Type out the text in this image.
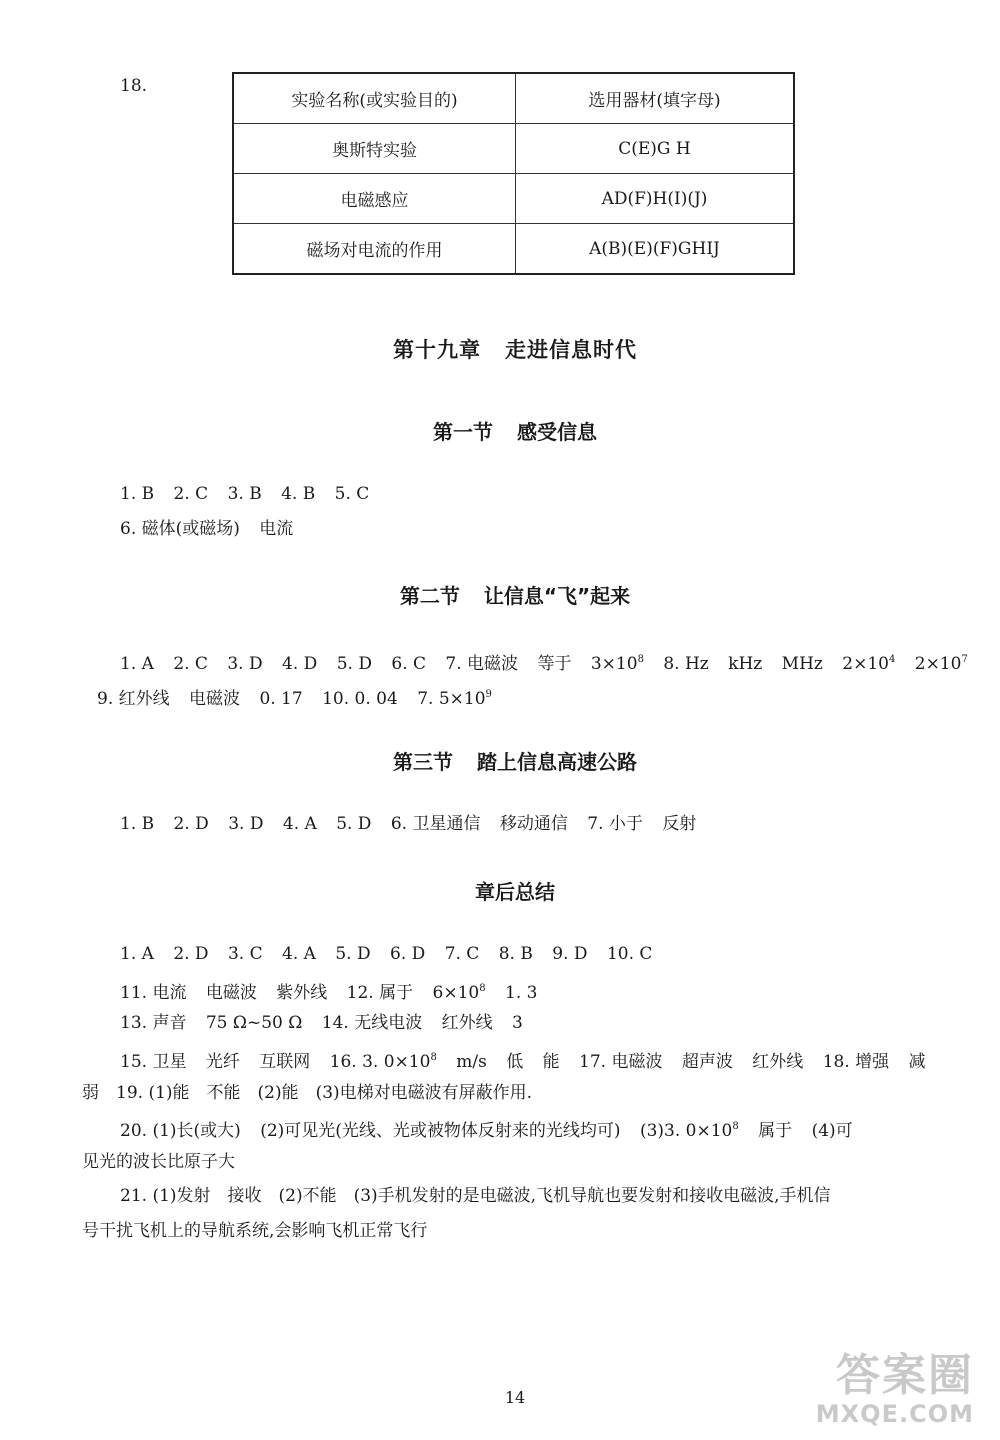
18.
实验名称(或实验目的)	选用器材(填字母)
奥斯特实验	C(E)G H
电磁感应	AD(F)H(I)(J)
磁场对电流的作用	A(B)(E)(F)GHIJ
第十九章 走进信息时代
第一节 感受信息
1. B 2. C 3. B 4. B 5. C
6. 磁体(或磁场) 电流
第二节 让信息“飞”起来
1. A 2. C 3. D 4. D 5. D 6. C 7. 电磁波 等于 $3\times 10^8$ 8. Hz kHz MHz $2\times 10^4$ $2\times 10^7$
9. 红外线 电磁波 0. 17 10. 0. 04 7. $5\times 10^9$
第三节 踏上信息高速公路
1. B 2. D 3. D 4. A 5. D 6. 卫星通信 移动通信 7. 小于 反射
章后总结
1. A 2. D 3. C 4. A 5. D 6. D 7. C 8. B 9. D 10. C
11. 电流 电磁波 紫外线 12. 属于 $6\times 10^8$ 1. 3
13. 声音 75 Ω~50 Ω 14. 无线电波 红外线 3
15. 卫星 光纤 互联网 16. 3. $0\times 10^8$ m/s 低 能 17. 电磁波 超声波 红外线 18. 增强 减
弱　19. (1)能　不能　(2)能　(3)电梯对电磁波有屏蔽作用.
20. (1)长(或大) (2)可见光(光线、光或被物体反射来的光线均可) (3)3. $0\times 10^8$ 属于 (4)可
见光的波长比原子大
21. (1)发射　接收　(2)不能　(3)手机发射的是电磁波,飞机导航也要发射和接收电磁波,手机信
号干扰飞机上的导航系统,会影响飞机正常飞行
14	答案圈
MXQE.COM
